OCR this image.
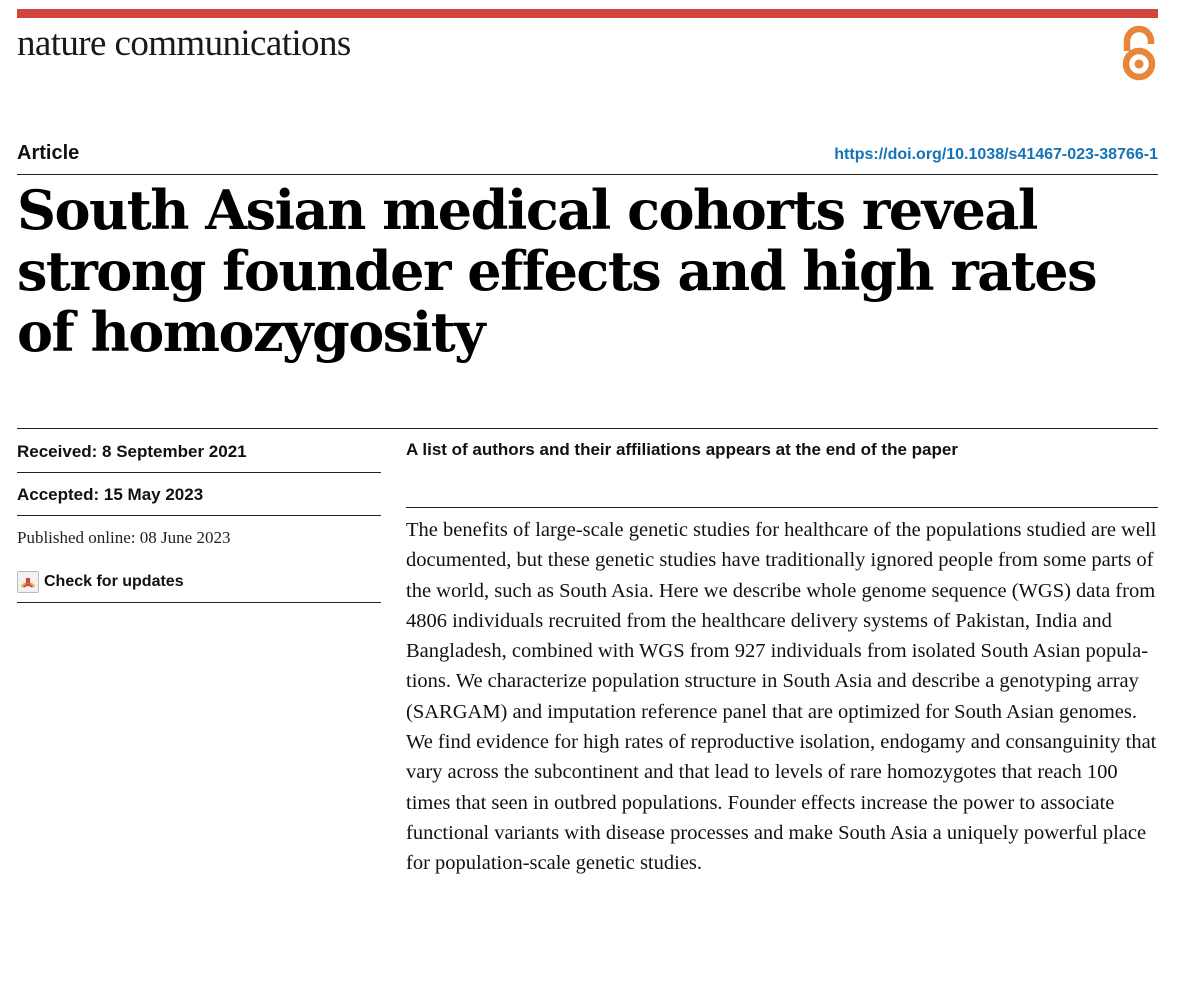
nature communications
Article	https://doi.org/10.1038/s41467-023-38766-1
South Asian medical cohorts reveal strong founder effects and high rates of homozygosity
Received: 8 September 2021
Accepted: 15 May 2023
Published online: 08 June 2023
Check for updates
A list of authors and their affiliations appears at the end of the paper

The benefits of large-scale genetic studies for healthcare of the populations studied are well documented, but these genetic studies have traditionally ignored people from some parts of the world, such as South Asia. Here we describe whole genome sequence (WGS) data from 4806 individuals recruited from the healthcare delivery systems of Pakistan, India and Bangladesh, combined with WGS from 927 individuals from isolated South Asian populations. We characterize population structure in South Asia and describe a genotyping array (SARGAM) and imputation reference panel that are optimized for South Asian genomes. We find evidence for high rates of reproductive isolation, endogamy and consanguinity that vary across the subcontinent and that lead to levels of rare homozygotes that reach 100 times that seen in outbred populations. Founder effects increase the power to associate functional variants with disease processes and make South Asia a uniquely powerful place for population-scale genetic studies.
